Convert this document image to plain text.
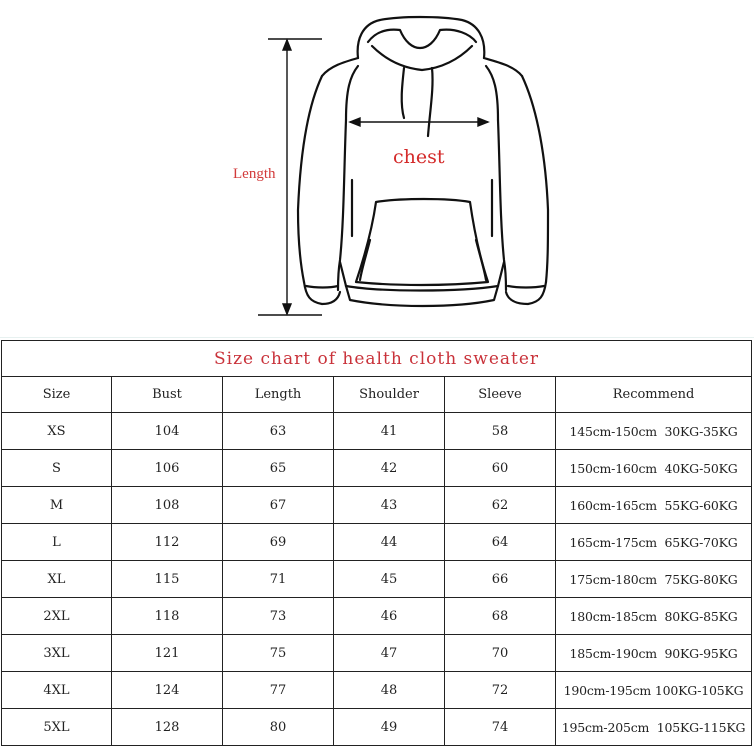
Length
chest
Size chart of health cloth sweater					
Size	Bust	Length	Shoulder	Sleeve	Recommend
XS	104	63	41	58	145cm-150cm  30KG-35KG
S	106	65	42	60	150cm-160cm  40KG-50KG
M	108	67	43	62	160cm-165cm  55KG-60KG
L	112	69	44	64	165cm-175cm  65KG-70KG
XL	115	71	45	66	175cm-180cm  75KG-80KG
2XL	118	73	46	68	180cm-185cm  80KG-85KG
3XL	121	75	47	70	185cm-190cm  90KG-95KG
4XL	124	77	48	72	190cm-195cm 100KG-105KG
5XL	128	80	49	74	195cm-205cm  105KG-115KG
